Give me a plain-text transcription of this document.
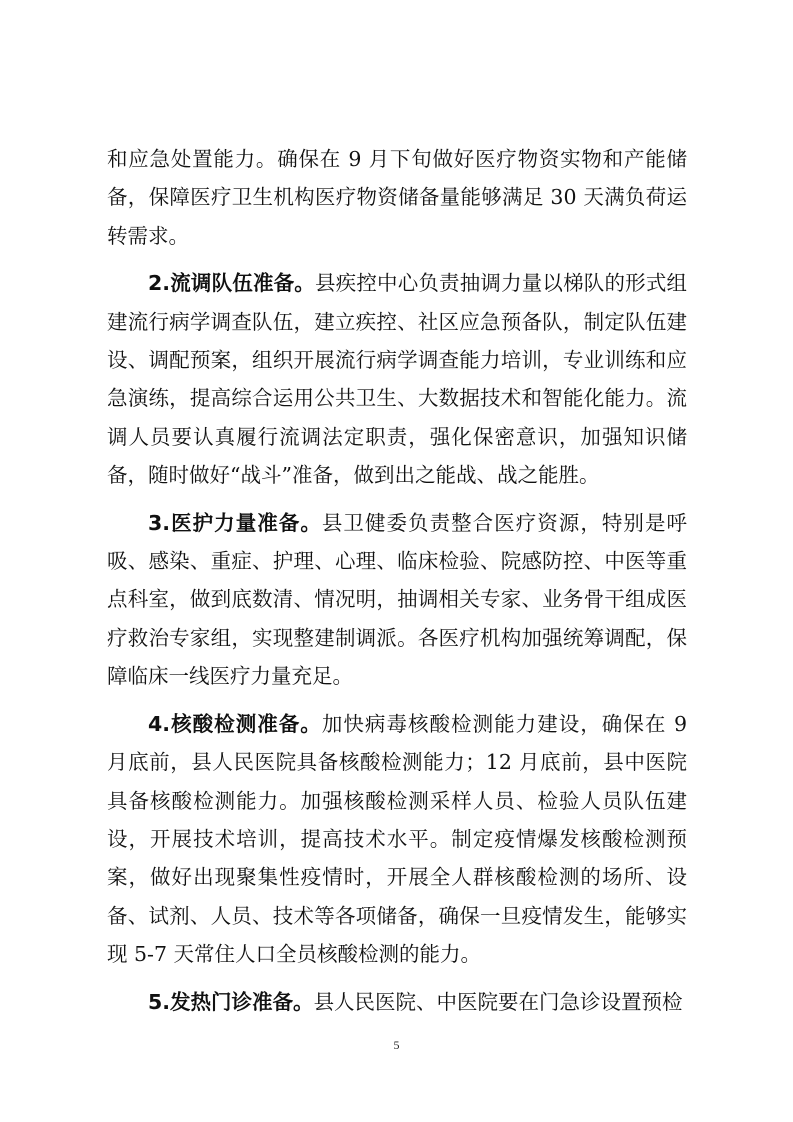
和应急处置能力。确保在 9 月下旬做好医疗物资实物和产能储备，保障医疗卫生机构医疗物资储备量能够满足 30 天满负荷运转需求。

2.流调队伍准备。县疾控中心负责抽调力量以梯队的形式组建流行病学调查队伍，建立疾控、社区应急预备队，制定队伍建设、调配预案，组织开展流行病学调查能力培训，专业训练和应急演练，提高综合运用公共卫生、大数据技术和智能化能力。流调人员要认真履行流调法定职责，强化保密意识，加强知识储备，随时做好“战斗”准备，做到出之能战、战之能胜。

3.医护力量准备。县卫健委负责整合医疗资源，特别是呼吸、感染、重症、护理、心理、临床检验、院感防控、中医等重点科室，做到底数清、情况明，抽调相关专家、业务骨干组成医疗救治专家组，实现整建制调派。各医疗机构加强统筹调配，保障临床一线医疗力量充足。

4.核酸检测准备。加快病毒核酸检测能力建设，确保在 9 月底前，县人民医院具备核酸检测能力；12 月底前，县中医院具备核酸检测能力。加强核酸检测采样人员、检验人员队伍建设，开展技术培训，提高技术水平。制定疫情爆发核酸检测预案，做好出现聚集性疫情时，开展全人群核酸检测的场所、设备、试剂、人员、技术等各项储备，确保一旦疫情发生，能够实现 5-7 天常住人口全员核酸检测的能力。

5.发热门诊准备。县人民医院、中医院要在门急诊设置预检

5
